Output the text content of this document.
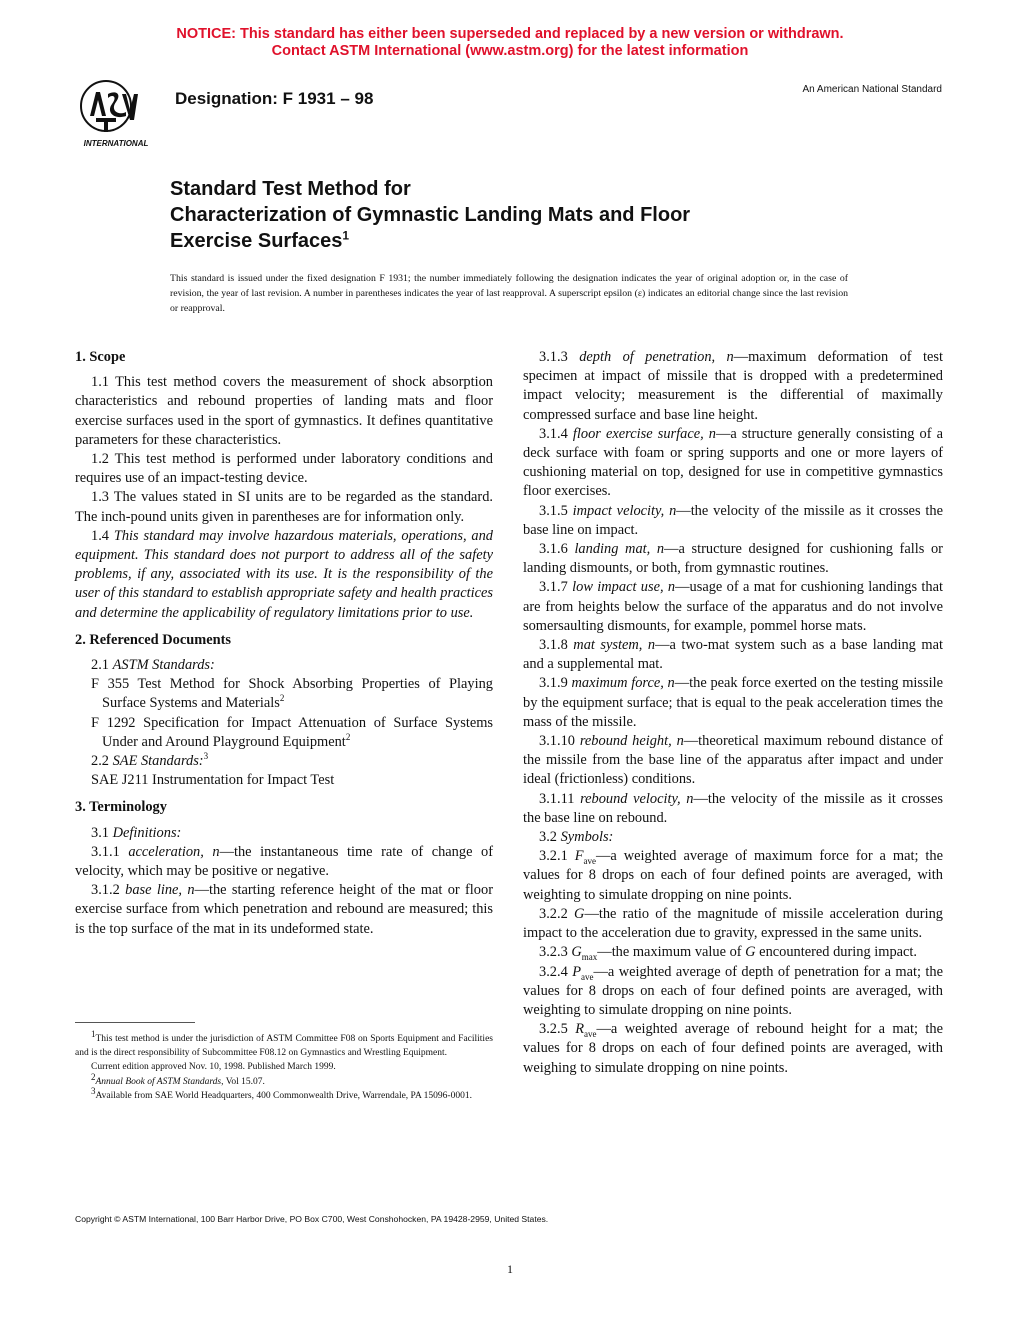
NOTICE: This standard has either been superseded and replaced by a new version or withdrawn.
Contact ASTM International (www.astm.org) for the latest information
INTERNATIONAL
Designation: F 1931 – 98	An American National Standard
Standard Test Method for
Characterization of Gymnastic Landing Mats and Floor
Exercise Surfaces$^1$
This standard is issued under the fixed designation F 1931; the number immediately following the designation indicates the year of original adoption or, in the case of revision, the year of last revision. A number in parentheses indicates the year of last reapproval. A superscript epsilon (ε) indicates an editorial change since the last revision or reapproval.

1. Scope

1.1 This test method covers the measurement of shock absorption characteristics and rebound properties of landing mats and floor exercise surfaces used in the sport of gymnastics. It defines quantitative parameters for these characteristics.

1.2 This test method is performed under laboratory conditions and requires use of an impact-testing device.

1.3 The values stated in SI units are to be regarded as the standard. The inch-pound units given in parentheses are for information only.

1.4 This standard may involve hazardous materials, operations, and equipment. This standard does not purport to address all of the safety problems, if any, associated with its use. It is the responsibility of the user of this standard to establish appropriate safety and health practices and determine the applicability of regulatory limitations prior to use.

2. Referenced Documents

2.1 ASTM Standards:

F 355 Test Method for Shock Absorbing Properties of Playing Surface Systems and Materials$^2$

F 1292 Specification for Impact Attenuation of Surface Systems Under and Around Playground Equipment$^2$

2.2 SAE Standards:$^3$

SAE J211 Instrumentation for Impact Test

3. Terminology

3.1 Definitions:

3.1.1 acceleration, n—the instantaneous time rate of change of velocity, which may be positive or negative.

3.1.2 base line, n—the starting reference height of the mat or floor exercise surface from which penetration and rebound are measured; this is the top surface of the mat in its undeformed state.

$^1$This test method is under the jurisdiction of ASTM Committee F08 on Sports Equipment and Facilities and is the direct responsibility of Subcommittee F08.12 on Gymnastics and Wrestling Equipment.

Current edition approved Nov. 10, 1998. Published March 1999.

$^2$Annual Book of ASTM Standards, Vol 15.07.

$^3$Available from SAE World Headquarters, 400 Commonwealth Drive, Warrendale, PA 15096-0001.

3.1.3 depth of penetration, n—maximum deformation of test specimen at impact of missile that is dropped with a predetermined impact velocity; measurement is the differential of maximally compressed surface and base line height.

3.1.4 floor exercise surface, n—a structure generally consisting of a deck surface with foam or spring supports and one or more layers of cushioning material on top, designed for use in competitive gymnastics floor exercises.

3.1.5 impact velocity, n—the velocity of the missile as it crosses the base line on impact.

3.1.6 landing mat, n—a structure designed for cushioning falls or landing dismounts, or both, from gymnastic routines.

3.1.7 low impact use, n—usage of a mat for cushioning landings that are from heights below the surface of the apparatus and do not involve somersaulting dismounts, for example, pommel horse mats.

3.1.8 mat system, n—a two-mat system such as a base landing mat and a supplemental mat.

3.1.9 maximum force, n—the peak force exerted on the testing missile by the equipment surface; that is equal to the peak acceleration times the mass of the missile.

3.1.10 rebound height, n—theoretical maximum rebound distance of the missile from the base line of the apparatus after impact and under ideal (frictionless) conditions.

3.1.11 rebound velocity, n—the velocity of the missile as it crosses the base line on rebound.

3.2 Symbols:

3.2.1 $F_{ave}—a$ weighted average of maximum force for a mat; the values for 8 drops on each of four defined points are averaged, with weighting to simulate dropping on nine points.

3.2.2 G—the ratio of the magnitude of missile acceleration during impact to the acceleration due to gravity, expressed in the same units.

3.2.3 $G_{max}—the$ maximum value of G encountered during impact.

3.2.4 $P_{ave}—a$ weighted average of depth of penetration for a mat; the values for 8 drops on each of four defined points are averaged, with weighting to simulate dropping on nine points.

3.2.5 $R_{ave}—a$ weighted average of rebound height for a mat; the values for 8 drops on each of four defined points are averaged, with weighing to simulate dropping on nine points.

Copyright © ASTM International, 100 Barr Harbor Drive, PO Box C700, West Conshohocken, PA 19428-2959, United States.
1
